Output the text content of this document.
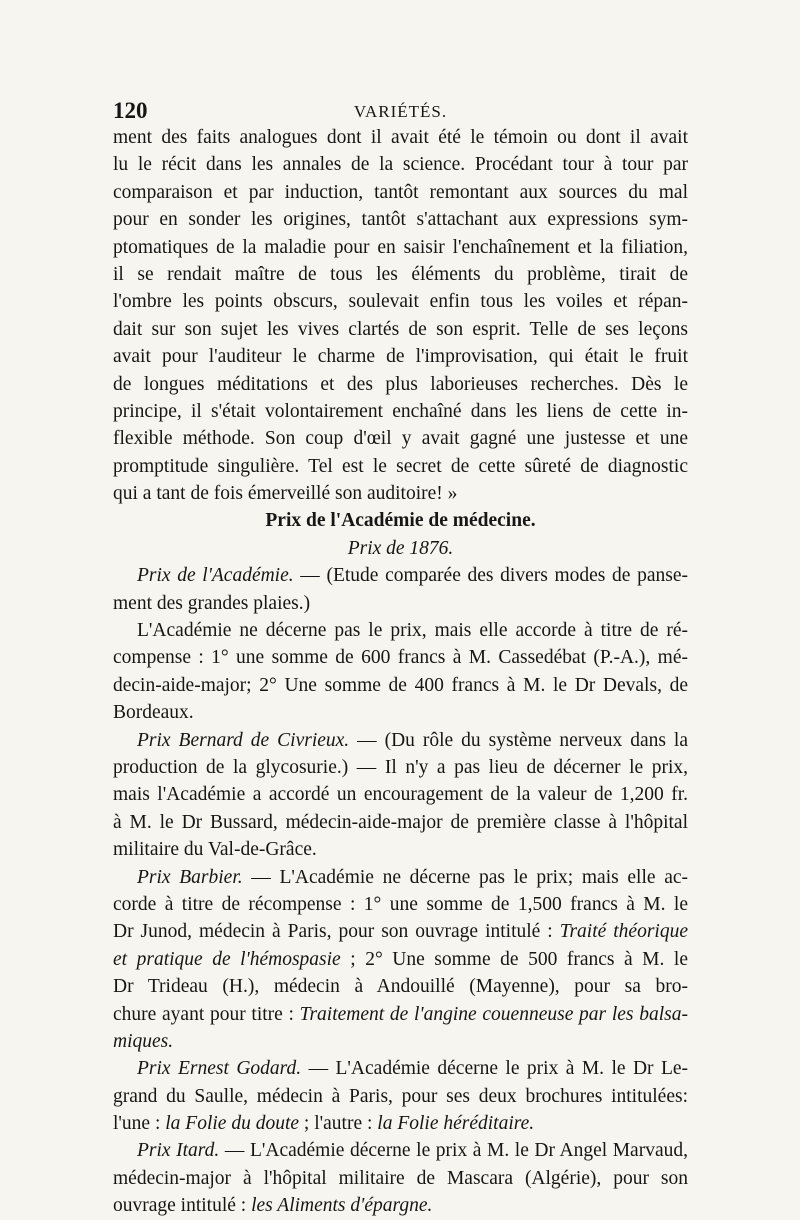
120	VARIÉTÉS.
ment des faits analogues dont il avait été le témoin ou dont il avait
lu le récit dans les annales de la science. Procédant tour à tour par
comparaison et par induction, tantôt remontant aux sources du mal
pour en sonder les origines, tantôt s'attachant aux expressions sym-
ptomatiques de la maladie pour en saisir l'enchaînement et la filiation,
il se rendait maître de tous les éléments du problème, tirait de
l'ombre les points obscurs, soulevait enfin tous les voiles et répan-
dait sur son sujet les vives clartés de son esprit. Telle de ses leçons
avait pour l'auditeur le charme de l'improvisation, qui était le fruit
de longues méditations et des plus laborieuses recherches. Dès le
principe, il s'était volontairement enchaîné dans les liens de cette in-
flexible méthode. Son coup d'œil y avait gagné une justesse et une
promptitude singulière. Tel est le secret de cette sûreté de diagnostic
qui a tant de fois émerveillé son auditoire! »
Prix de l'Académie de médecine.
Prix de 1876.
Prix de l'Académie. — (Etude comparée des divers modes de panse-
ment des grandes plaies.)
L'Académie ne décerne pas le prix, mais elle accorde à titre de ré-
compense : 1° une somme de 600 francs à M. Cassedébat (P.-A.), mé-
decin-aide-major; 2° Une somme de 400 francs à M. le Dr Devals, de
Bordeaux.
Prix Bernard de Civrieux. — (Du rôle du système nerveux dans la
production de la glycosurie.) — Il n'y a pas lieu de décerner le prix,
mais l'Académie a accordé un encouragement de la valeur de 1,200 fr.
à M. le Dr Bussard, médecin-aide-major de première classe à l'hôpital
militaire du Val-de-Grâce.
Prix Barbier. — L'Académie ne décerne pas le prix; mais elle ac-
corde à titre de récompense : 1° une somme de 1,500 francs à M. le
Dr Junod, médecin à Paris, pour son ouvrage intitulé : Traité théorique
et pratique de l'hémospasie ; 2° Une somme de 500 francs à M. le
Dr Trideau (H.), médecin à Andouillé (Mayenne), pour sa bro-
chure ayant pour titre : Traitement de l'angine couenneuse par les balsa-
miques.
Prix Ernest Godard. — L'Académie décerne le prix à M. le Dr Le-
grand du Saulle, médecin à Paris, pour ses deux brochures intitulées:
l'une : la Folie du doute ; l'autre : la Folie héréditaire.
Prix Itard. — L'Académie décerne le prix à M. le Dr Angel Marvaud,
médecin-major à l'hôpital militaire de Mascara (Algérie), pour son
ouvrage intitulé : les Aliments d'épargne.
